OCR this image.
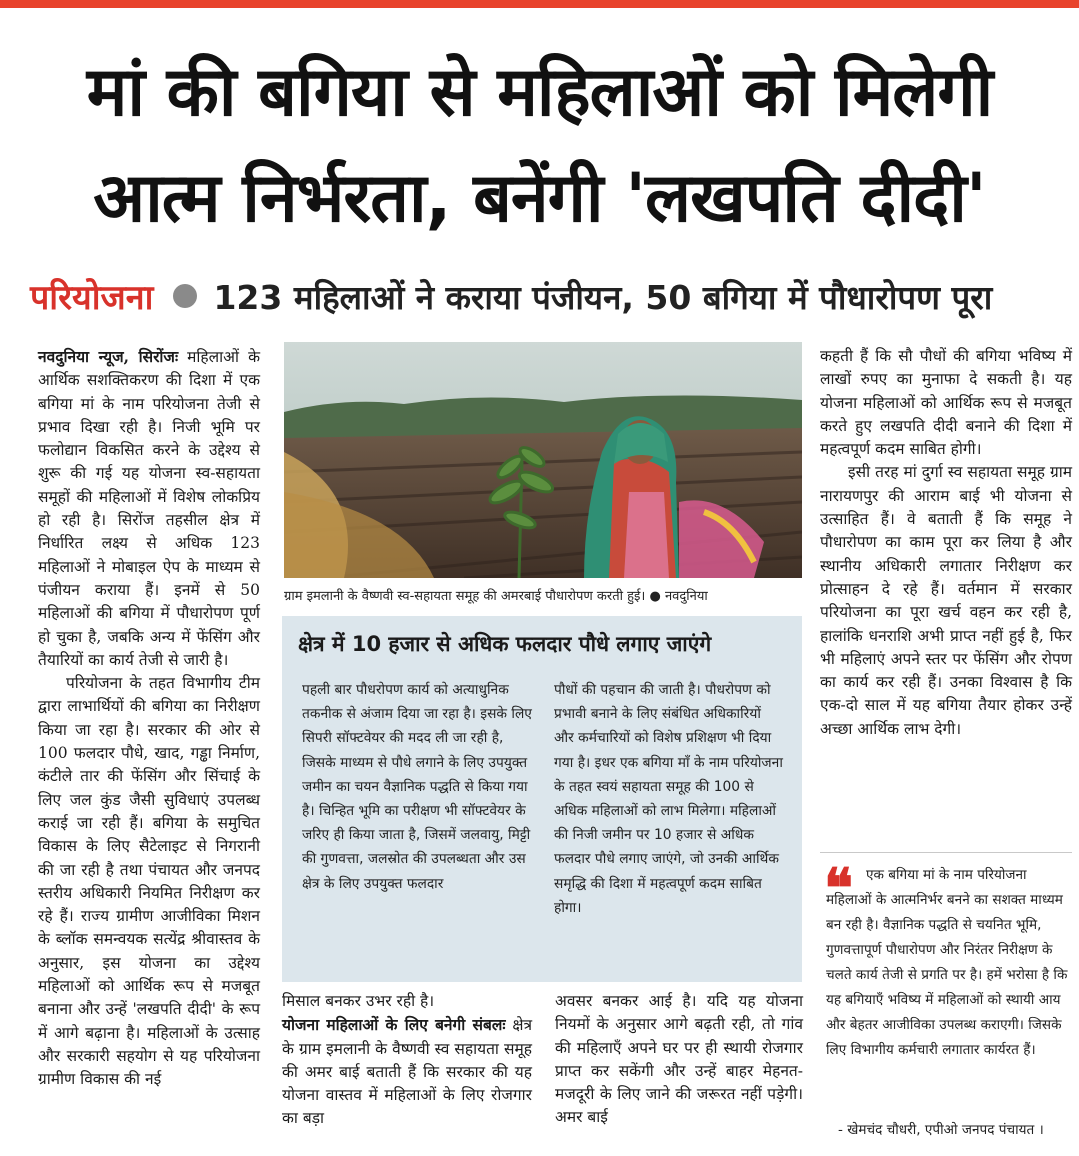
मां की बगिया से महिलाओं को मिलेगी
आत्म निर्भरता, बनेंगी 'लखपति दीदी'
परियोजना 123 महिलाओं ने कराया पंजीयन, 50 बगिया में पौधारोपण पूरा

नवदुनिया न्यूज, सिरोंजः महिलाओं के आर्थिक सशक्तिकरण की दिशा में एक बगिया मां के नाम परियोजना तेजी से प्रभाव दिखा रही है। निजी भूमि पर फलोद्यान विकसित करने के उद्देश्य से शुरू की गई यह योजना स्व-सहायता समूहों की महिलाओं में विशेष लोकप्रिय हो रही है। सिरोंज तहसील क्षेत्र में निर्धारित लक्ष्य से अधिक 123 महिलाओं ने मोबाइल ऐप के माध्यम से पंजीयन कराया हैं। इनमें से 50 महिलाओं की बगिया में पौधारोपण पूर्ण हो चुका है, जबकि अन्य में फेंसिंग और तैयारियों का कार्य तेजी से जारी है।

परियोजना के तहत विभागीय टीम द्वारा लाभार्थियों की बगिया का निरीक्षण किया जा रहा है। सरकार की ओर से 100 फलदार पौधे, खाद, गड्ढा निर्माण, कंटीले तार की फेंसिंग और सिंचाई के लिए जल कुंड जैसी सुविधाएं उपलब्ध कराई जा रही हैं। बगिया के समुचित विकास के लिए सैटेलाइट से निगरानी की जा रही है तथा पंचायत और जनपद स्तरीय अधिकारी नियमित निरीक्षण कर रहे हैं। राज्य ग्रामीण आजीविका मिशन के ब्लॉक समन्वयक सत्येंद्र श्रीवास्तव के अनुसार, इस योजना का उद्देश्य महिलाओं को आर्थिक रूप से मजबूत बनाना और उन्हें 'लखपति दीदी' के रूप में आगे बढ़ाना है। महिलाओं के उत्साह और सरकारी सहयोग से यह परियोजना ग्रामीण विकास की नई

ग्राम इमलानी के वैष्णवी स्व-सहायता समूह की अमरबाई पौधारोपण करती हुई। ● नवदुनिया
क्षेत्र में 10 हजार से अधिक फलदार पौधे लगाए जाएंगे
पहली बार पौधरोपण कार्य को अत्याधुनिक तकनीक से अंजाम दिया जा रहा है। इसके लिए सिपरी सॉफ्टवेयर की मदद ली जा रही है, जिसके माध्यम से पौधे लगाने के लिए उपयुक्त जमीन का चयन वैज्ञानिक पद्धति से किया गया है। चिन्हित भूमि का परीक्षण भी सॉफ्टवेयर के जरिए ही किया जाता है, जिसमें जलवायु, मिट्टी की गुणवत्ता, जलस्रोत की उपलब्धता और उस क्षेत्र के लिए उपयुक्त फलदार
पौधों की पहचान की जाती है। पौधरोपण को प्रभावी बनाने के लिए संबंधित अधिकारियों और कर्मचारियों को विशेष प्रशिक्षण भी दिया गया है। इधर एक बगिया माँ के नाम परियोजना के तहत स्वयं सहायता समूह की 100 से अधिक महिलाओं को लाभ मिलेगा। महिलाओं की निजी जमीन पर 10 हजार से अधिक फलदार पौधे लगाए जाएंगे, जो उनकी आर्थिक समृद्धि की दिशा में महत्वपूर्ण कदम साबित होगा।

मिसाल बनकर उभर रही है।

योजना महिलाओं के लिए बनेगी संबलः क्षेत्र के ग्राम इमलानी के वैष्णवी स्व सहायता समूह की अमर बाई बताती हैं कि सरकार की यह योजना वास्तव में महिलाओं के लिए रोजगार का बड़ा

अवसर बनकर आई है। यदि यह योजना नियमों के अनुसार आगे बढ़ती रही, तो गांव की महिलाएँ अपने घर पर ही स्थायी रोजगार प्राप्त कर सकेंगी और उन्हें बाहर मेहनत-मजदूरी के लिए जाने की जरूरत नहीं पड़ेगी। अमर बाई

कहती हैं कि सौ पौधों की बगिया भविष्य में लाखों रुपए का मुनाफा दे सकती है। यह योजना महिलाओं को आर्थिक रूप से मजबूत करते हुए लखपति दीदी बनाने की दिशा में महत्वपूर्ण कदम साबित होगी।

इसी तरह मां दुर्गा स्व सहायता समूह ग्राम नारायणपुर की आराम बाई भी योजना से उत्साहित हैं। वे बताती हैं कि समूह ने पौधारोपण का काम पूरा कर लिया है और स्थानीय अधिकारी लगातार निरीक्षण कर प्रोत्साहन दे रहे हैं। वर्तमान में सरकार परियोजना का पूरा खर्च वहन कर रही है, हालांकि धनराशि अभी प्राप्त नहीं हुई है, फिर भी महिलाएं अपने स्तर पर फेंसिंग और रोपण का कार्य कर रही हैं। उनका विश्वास है कि एक-दो साल में यह बगिया तैयार होकर उन्हें अच्छा आर्थिक लाभ देगी।

❝ एक बगिया मां के नाम परियोजना महिलाओं के आत्मनिर्भर बनने का सशक्त माध्यम बन रही है। वैज्ञानिक पद्धति से चयनित भूमि, गुणवत्तापूर्ण पौधारोपण और निरंतर निरीक्षण के चलते कार्य तेजी से प्रगति पर है। हमें भरोसा है कि यह बगियाएँ भविष्य में महिलाओं को स्थायी आय और बेहतर आजीविका उपलब्ध कराएगी। जिसके लिए विभागीय कर्मचारी लगातार कार्यरत हैं।
- खेमचंद चौधरी, एपीओ जनपद पंचायत ।
